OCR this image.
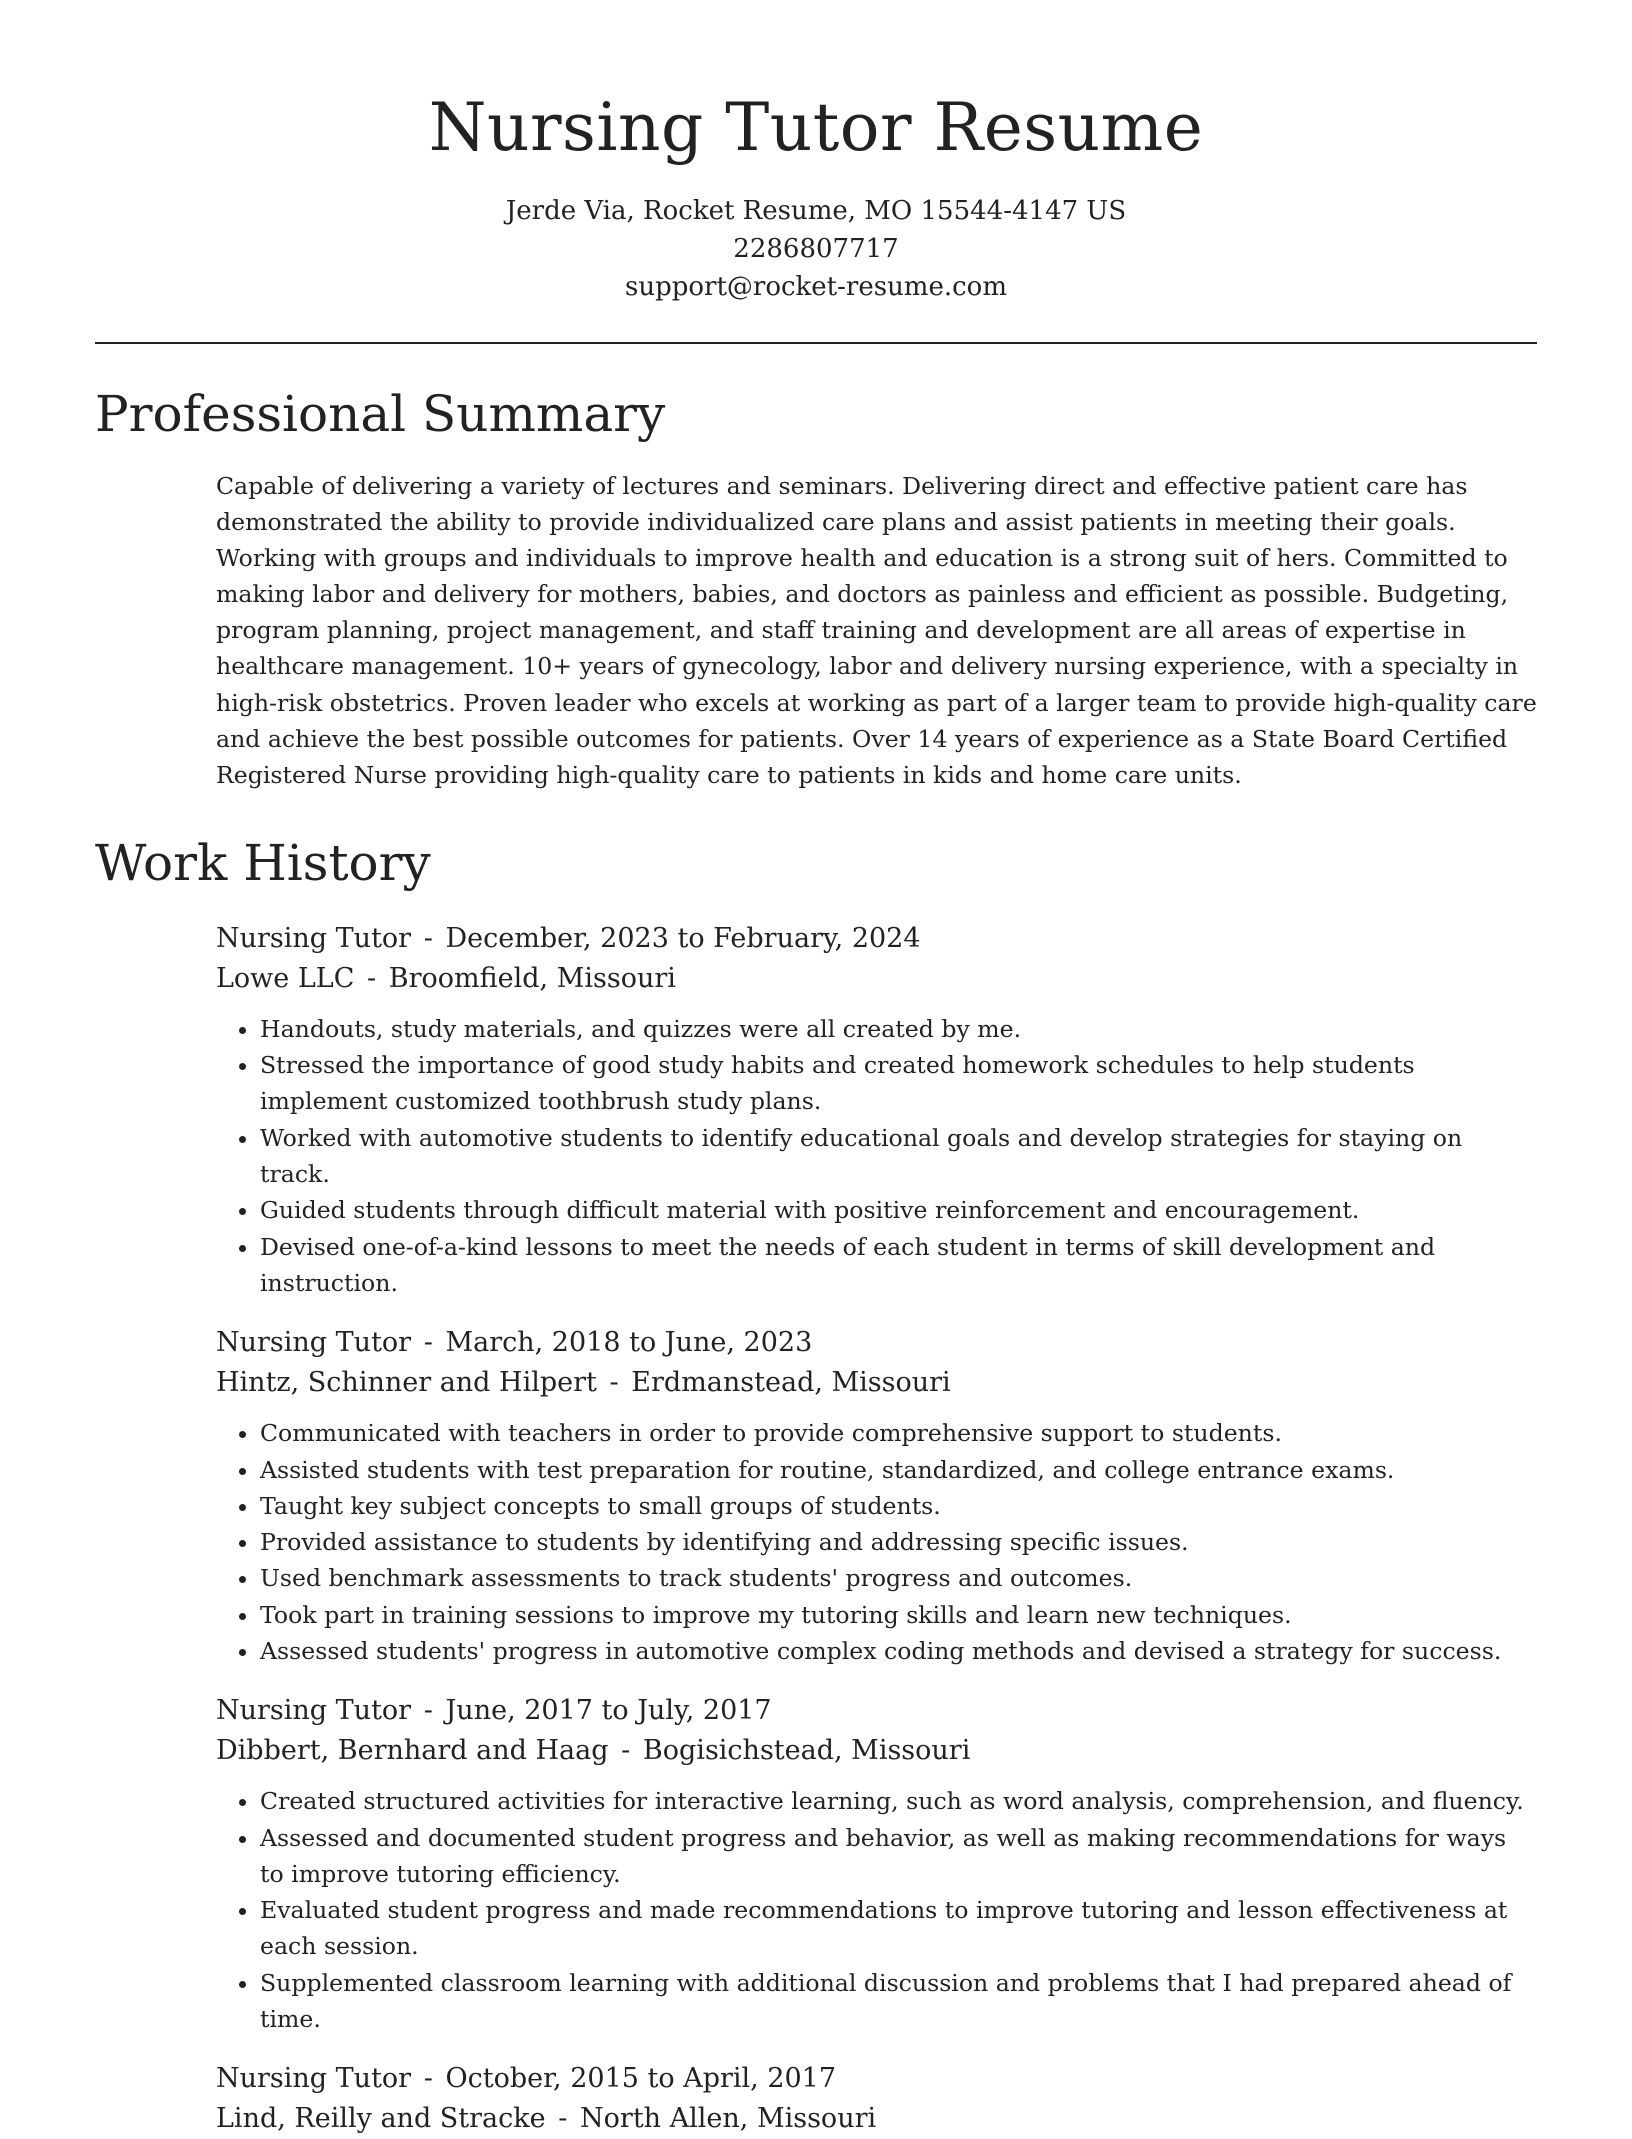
Nursing Tutor Resume
Jerde Via, Rocket Resume, MO 15544-4147 US
2286807717
support@rocket-resume.com
Professional Summary

Capable of delivering a variety of lectures and seminars. Delivering direct and effective patient care has demonstrated the ability to provide individualized care plans and assist patients in meeting their goals. Working with groups and individuals to improve health and education is a strong suit of hers. Committed to making labor and delivery for mothers, babies, and doctors as painless and efficient as possible. Budgeting, program planning, project management, and staff training and development are all areas of expertise in healthcare management. 10+ years of gynecology, labor and delivery nursing experience, with a specialty in high-risk obstetrics. Proven leader who excels at working as part of a larger team to provide high-quality care and achieve the best possible outcomes for patients. Over 14 years of experience as a State Board Certified Registered Nurse providing high-quality care to patients in kids and home care units.

Work History
Nursing Tutor - December, 2023 to February, 2024
Lowe LLC - Broomfield, Missouri
• Handouts, study materials, and quizzes were all created by me.
• Stressed the importance of good study habits and created homework schedules to help students implement customized toothbrush study plans.
• Worked with automotive students to identify educational goals and develop strategies for staying on track.
• Guided students through difficult material with positive reinforcement and encouragement.
• Devised one-of-a-kind lessons to meet the needs of each student in terms of skill development and instruction.
Nursing Tutor - March, 2018 to June, 2023
Hintz, Schinner and Hilpert - Erdmanstead, Missouri
• Communicated with teachers in order to provide comprehensive support to students.
• Assisted students with test preparation for routine, standardized, and college entrance exams.
• Taught key subject concepts to small groups of students.
• Provided assistance to students by identifying and addressing specific issues.
• Used benchmark assessments to track students' progress and outcomes.
• Took part in training sessions to improve my tutoring skills and learn new techniques.
• Assessed students' progress in automotive complex coding methods and devised a strategy for success.
Nursing Tutor - June, 2017 to July, 2017
Dibbert, Bernhard and Haag - Bogisichstead, Missouri
• Created structured activities for interactive learning, such as word analysis, comprehension, and fluency.
• Assessed and documented student progress and behavior, as well as making recommendations for ways to improve tutoring efficiency.
• Evaluated student progress and made recommendations to improve tutoring and lesson effectiveness at each session.
• Supplemented classroom learning with additional discussion and problems that I had prepared ahead of time.
Nursing Tutor - October, 2015 to April, 2017
Lind, Reilly and Stracke - North Allen, Missouri
